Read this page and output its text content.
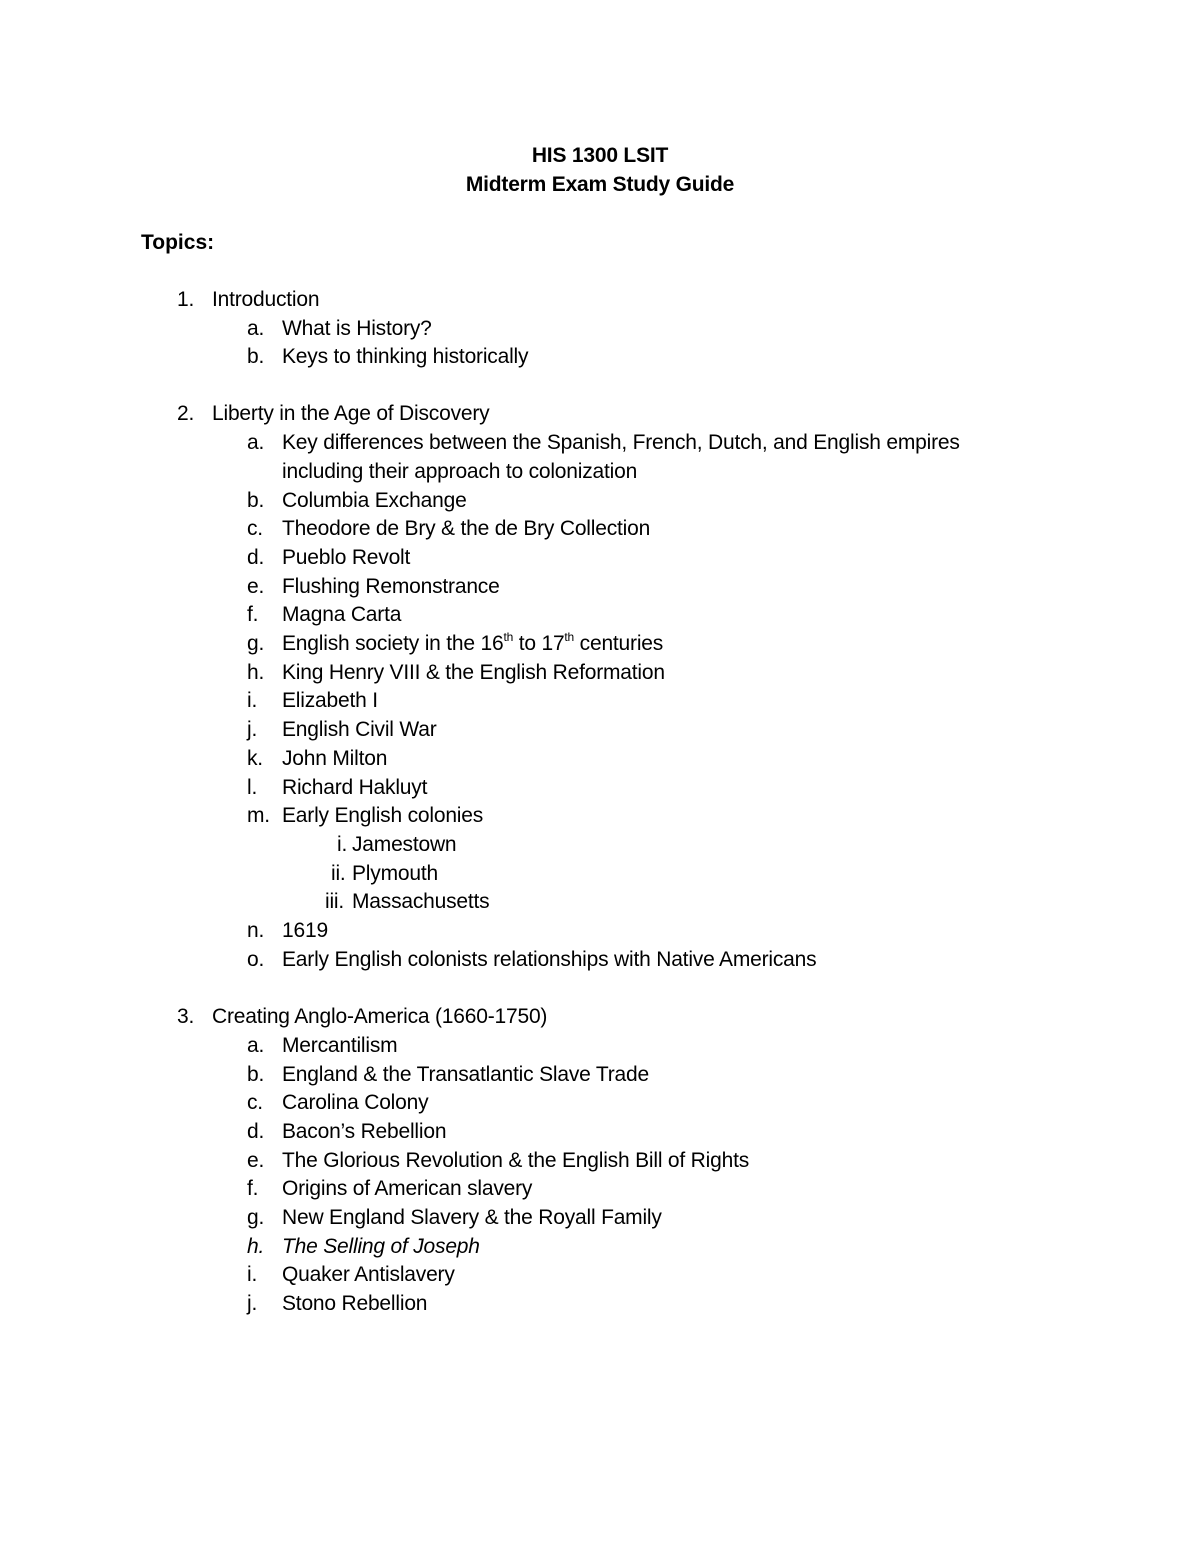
HIS 1300 LSIT
Midterm Exam Study Guide
Topics:
1. Introduction
a. What is History?
b. Keys to thinking historically
2. Liberty in the Age of Discovery
a. Key differences between the Spanish, French, Dutch, and English empires
including their approach to colonization
b. Columbia Exchange
c. Theodore de Bry & the de Bry Collection
d. Pueblo Revolt
e. Flushing Remonstrance
f. Magna Carta
g. English society in the 16th to 17th centuries
h. King Henry VIII & the English Reformation
i. Elizabeth I
j. English Civil War
k. John Milton
l. Richard Hakluyt
m. Early English colonies
i. Jamestown
ii. Plymouth
iii. Massachusetts
n. 1619
o. Early English colonists relationships with Native Americans
3. Creating Anglo-America (1660-1750)
a. Mercantilism
b. England & the Transatlantic Slave Trade
c. Carolina Colony
d. Bacon’s Rebellion
e. The Glorious Revolution & the English Bill of Rights
f. Origins of American slavery
g. New England Slavery & the Royall Family
h. The Selling of Joseph
i. Quaker Antislavery
j. Stono Rebellion
